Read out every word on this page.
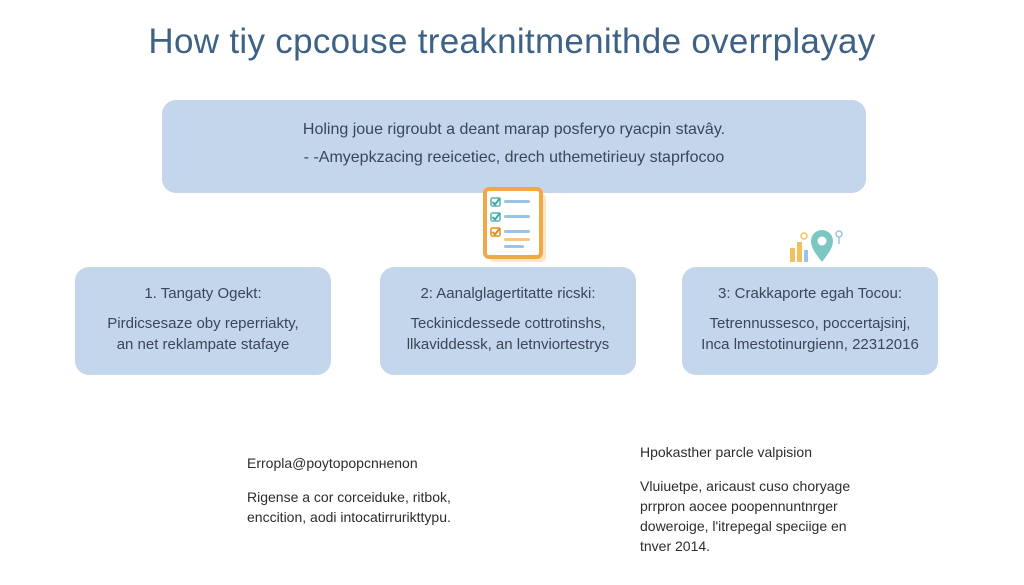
How tiy cpcouse treaknitmenithde overrplayay
Holing joue rigroubt a deant marap posferyo ryacpin stavây.
- -Amyepkzacing reeicetiec, drech uthemetirieuy staprfocoo
1. Tangaty Ogekt:
Pirdicsesaze oby reperriakty,
an net reklampate stafaye
2: Aanalglagertitatte ricski:
Teckinicdessede cottrotinshs,
llkaviddessk, an letnviortestrys
3: Crakkaporte egah Tocou:
Tetrennussesco, poccertajsinj,
Inca lmestotinurgienn, 22312016
Erropla@poytopopcnнenon
Rigense a cor corceiduke, ritbok,
enccition, aodi intocatirrurikttypu.
Hpokasther parcle valpision
Vluiuetpe, aricaust cuso choryage
prrpron aocee poopennuntnrger
doweroige, l'itrepegal speciige en
tnver 2014.
